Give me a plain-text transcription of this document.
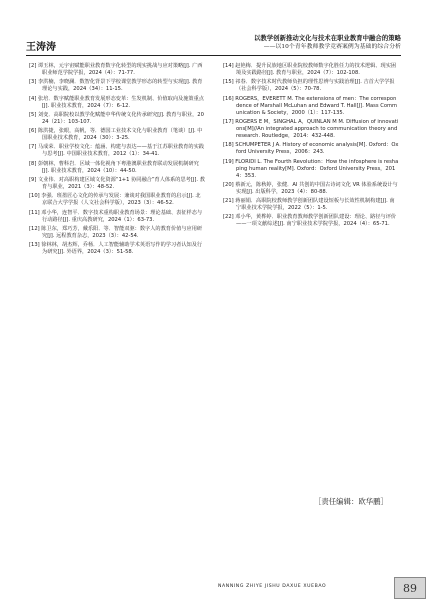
王涛涛
以教学创新推动文化与技术在职业教育中融合的策略
——以10个青年教师教学竞赛案例为基础的综合分析
[2] 谭玉林，元宇宙赋能职业教育数字化转型的现实挑战与应对策略[J]. 广西职业师范学院学报，2024（4）：71-77.
[3] 李洪楠，李晓澜．数智化背景下学校课堂教学形态的转型与实现[J]. 教育理论与实践，2024（34）：11-15.
[4] 张培．数字赋能职业教育发展形态变革：生发机制、价值取向及施策重点[J]. 职业技术教育，2024（7）：6-12.
[5] 刘变．高职院校以教学化赋能中华传统文化传承研究[J]. 教育与职业，2024（21）：103-107.
[6] 陈洪捷，张眼，高帆，等．德国工业技术文化与职业教育（笔谈）[J]. 中国职业技术教育，2024（30）：3-25.
[7] 马成荣．职业学校文化：蕴涵、构建与表达——基于江苏职业教育的实践与思考[J]. 中国职业技术教育，2012（1）：34-41.
[8] 彭朝林，曹科岩．区域一体化视角下粤港澳职业教育联动发展机制研究[J]. 职业技术教育，2024（10）：44-50.
[9] 文业伟．对高职构建区域文化资源“1+1 协同融合”育人体系的思考[J]. 教育与职业，2021（3）：48-52.
[10] 李强．班墨匠心文化的传承与发展：兼谈对我国职业教育的启示[J]. 北京联合大学学报（人文社会科学版），2023（3）：46-52.
[11] 邓小华，连智平．数字技术重构职业教育场景：理论基础、表征样态与行动路径[J]. 重庆高教研究，2024（1）：63-73.
[12] 陈卫东，郑巧芳，戴乐阳．等．智能双驱：数字人的教育价值与应用研究[J]. 远程教育杂志，2023（3）：42-54.
[13] 徐林林，胡杰辉，乔杨．人工智能辅助学术英语写作的学习者认知及行为研究[J]. 外语界，2024（3）：51-58.
[14] 赵艳梅．提升民族地区职业院校教师数字化胜任力的技术逻辑、现实困境及实践路径[J]. 教育与职业，2024（7）：102-108.
[15] 祁春．数字技术时代教师负担的理性思辨与实践治理[J]. 吉首大学学报（社会科学版），2024（5）：70-78.
[16] ROGERS，EVERETT M. The extensions of men：The correspondence of Marshall McLuhan and Edward T. Hall[J]. Mass Communication & Society，2000（1）：117-135.
[17] ROGERS E M，SINGHAL A，QUINLAN M M. Diffusion of innovations[M]//An integrated approach to communication theory and research. Routledge，2014：432-448.
[18] SCHUMPETER J A. History of economic analysis[M]. Oxford：Oxford University Press，2006：243.
[19] FLORIDI L. The Fourth Revolution：How the infosphere is reshaping human reality[M]. Oxford：Oxford University Press，2014：353.
[20] 蔡新元，陈秋婷，张健．AI 共创的中国古诗词文化 VR 体验系统设计与实现[J]. 出版科学，2023（4）：80-88.
[21] 蒋丽娟．高职院校教师教学创新团队建设短板与长效性机制构建[J]. 南宁职业技术学院学报，2022（5）：1-5.
[22] 邓小华，黄桦婷．职业教育教师教学创新团队建设：理论、路径与评价——一项文献综述[J]. 南宁职业技术学院学报，2024（4）：65-71.
［责任编辑：欧华鹏］
NANNING ZHIYE JISHU DAXUE XUEBAO	89
